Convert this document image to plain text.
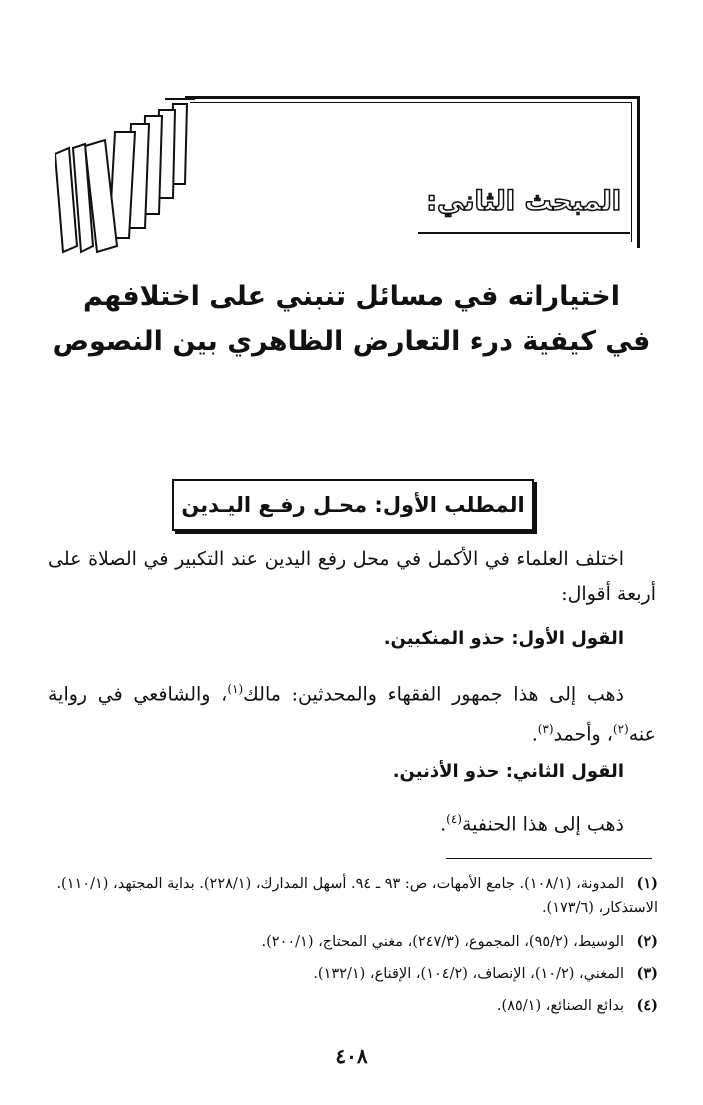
المبحث الثاني:
اختياراته في مسائل تنبني على اختلافهم
في كيفية درء التعارض الظاهري بين النصوص
المطلب الأول: محـل رفـع اليـدين
اختلف العلماء في الأكمل في محل رفع اليدين عند التكبير في الصلاة على أربعة أقوال:
القول الأول: حذو المنكبين.
ذهب إلى هذا جمهور الفقهاء والمحدثين: مالك$^{(١)}$، والشافعي في رواية عنه$^{(٢)}$، وأحمد$^{(٣)}$.
القول الثاني: حذو الأذنين.
ذهب إلى هذا الحنفية$^{(٤)}$.
(١)المدونة، (١٠٨/١). جامع الأمهات، ص: ٩٣ ـ ٩٤. أسهل المدارك، (٢٢٨/١). بداية المجتهد، (١١٠/١). الاستذكار، (١٧٣/٦).
(٢)الوسيط، (٩٥/٢)، المجموع، (٢٤٧/٣)، مغني المحتاج، (٢٠٠/١).
(٣)المغني، (١٠/٢)، الإنصاف، (١٠٤/٢)، الإقناع، (١٣٢/١).
(٤)بدائع الصنائع، (٨٥/١).
٤٠٨
